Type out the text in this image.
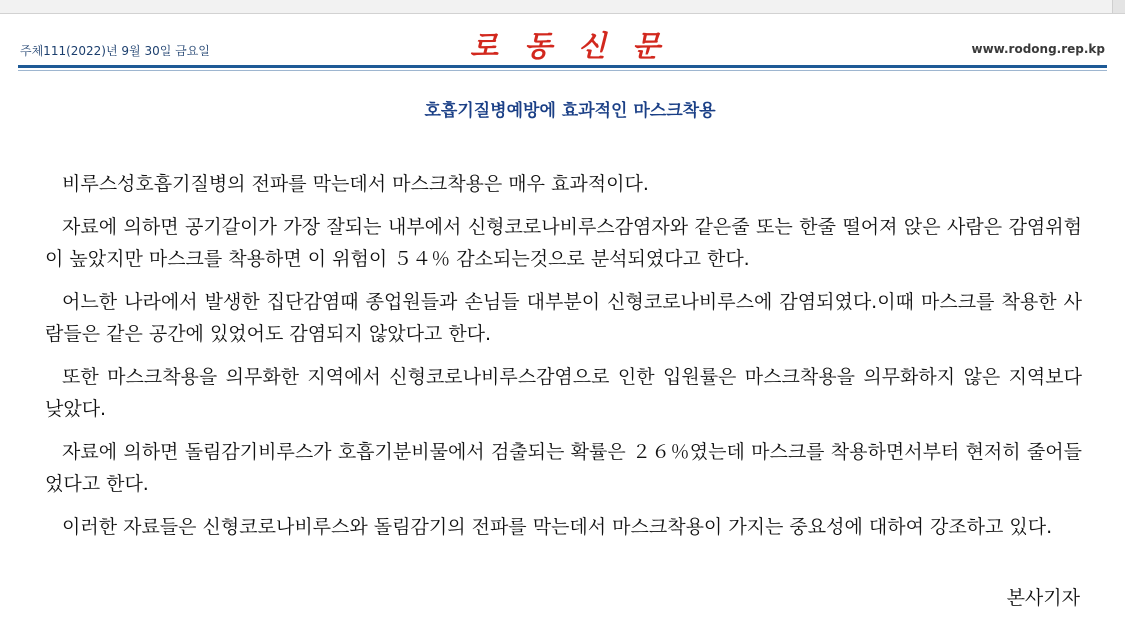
주체111(2022)년 9월 30일 금요일	로 동 신 문	www.rodong.rep.kp
호흡기질병예방에 효과적인 마스크착용

비루스성호흡기질병의 전파를 막는데서 마스크착용은 매우 효과적이다.

자료에 의하면 공기갈이가 가장 잘되는 내부에서 신형코로나비루스감염자와 같은줄 또는 한줄 떨어져 앉은 사람은 감염위험이 높았지만 마스크를 착용하면 이 위험이 ５４％ 감소되는것으로 분석되였다고 한다.

어느한 나라에서 발생한 집단감염때 종업원들과 손님들 대부분이 신형코로나비루스에 감염되였다.이때 마스크를 착용한 사람들은 같은 공간에 있었어도 감염되지 않았다고 한다.

또한 마스크착용을 의무화한 지역에서 신형코로나비루스감염으로 인한 입원률은 마스크착용을 의무화하지 않은 지역보다 낮았다.

자료에 의하면 돌림감기비루스가 호흡기분비물에서 검출되는 확률은 ２６％였는데 마스크를 착용하면서부터 현저히 줄어들었다고 한다.

이러한 자료들은 신형코로나비루스와 돌림감기의 전파를 막는데서 마스크착용이 가지는 중요성에 대하여 강조하고 있다.

본사기자
